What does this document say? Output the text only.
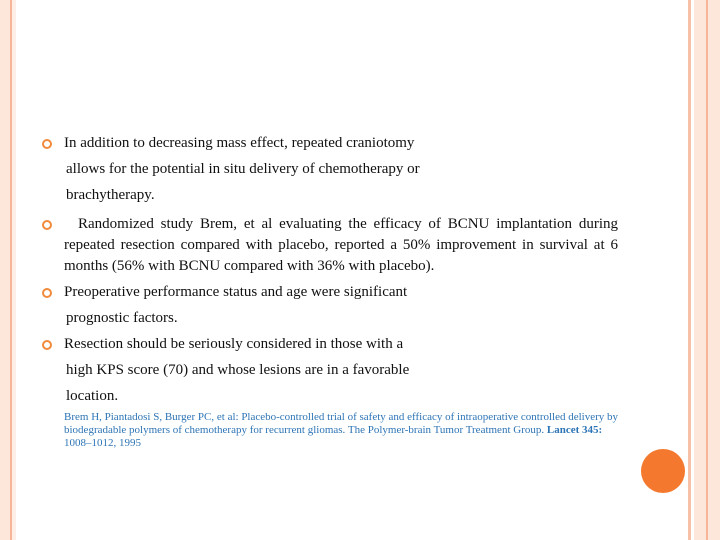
In addition to decreasing mass effect, repeated craniotomy
allows for the potential in situ delivery of chemotherapy or
brachytherapy.
Randomized study Brem, et al evaluating the efficacy of BCNU implantation during repeated resection compared with placebo, reported a 50% improvement in survival at 6 months (56% with BCNU compared with 36% with placebo).
Preoperative performance status and age were significant
prognostic factors.
Resection should be seriously considered in those with a
high KPS score (70) and whose lesions are in a favorable
location.
Brem H, Piantadosi S, Burger PC, et al: Placebo-controlled trial of safety and efficacy of intraoperative controlled delivery by biodegradable polymers of chemotherapy for recurrent gliomas. The Polymer-brain Tumor Treatment Group. Lancet 345: 1008–1012, 1995
